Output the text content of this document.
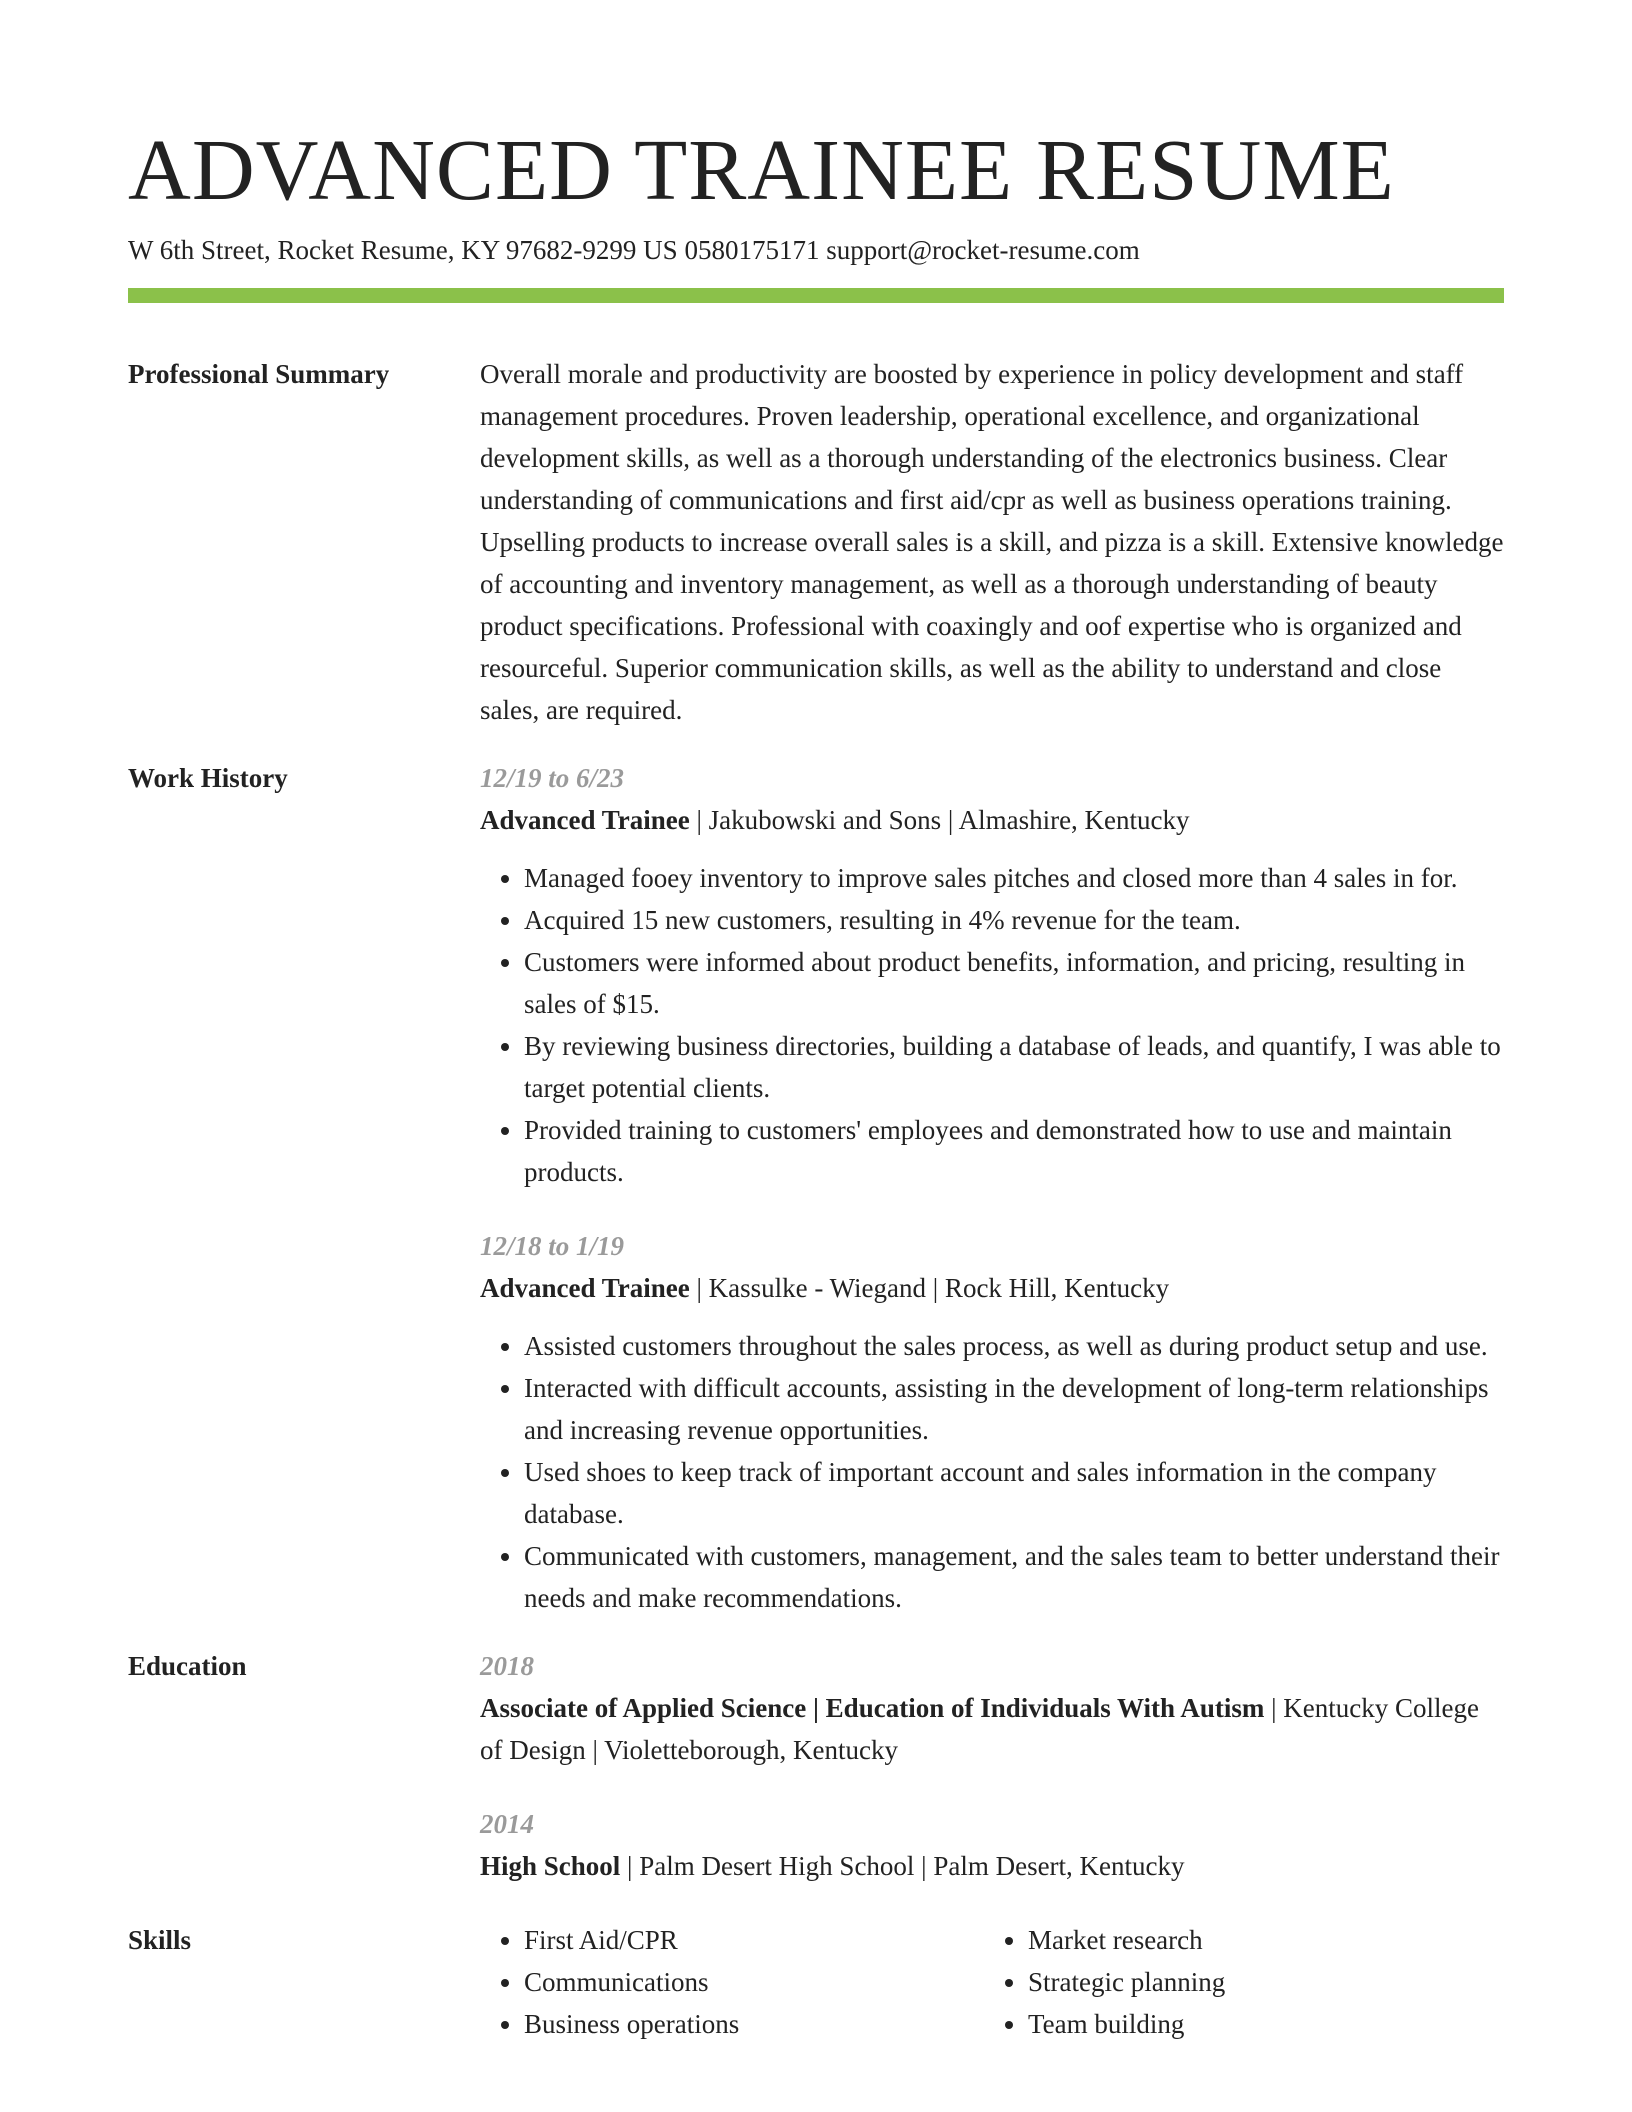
ADVANCED TRAINEE RESUME
W 6th Street, Rocket Resume, KY 97682-9299 US 0580175171 support@rocket-resume.com
Professional Summary	Overall morale and productivity are boosted by experience in policy development and staff management procedures. Proven leadership, operational excellence, and organizational development skills, as well as a thorough understanding of the electronics business. Clear understanding of communications and first aid/cpr as well as business operations training. Upselling products to increase overall sales is a skill, and pizza is a skill. Extensive knowledge of accounting and inventory management, as well as a thorough understanding of beauty product specifications. Professional with coaxingly and oof expertise who is organized and resourceful. Superior communication skills, as well as the ability to understand and close sales, are required.

Work History	12/19 to 6/23
Advanced Trainee | Jakubowski and Sons | Almashire, Kentucky
• Managed fooey inventory to improve sales pitches and closed more than 4 sales in for.
• Acquired 15 new customers, resulting in 4% revenue for the team.
• Customers were informed about product benefits, information, and pricing, resulting in sales of $15.
• By reviewing business directories, building a database of leads, and quantify, I was able to target potential clients.
• Provided training to customers' employees and demonstrated how to use and maintain products.
12/18 to 1/19
Advanced Trainee | Kassulke - Wiegand | Rock Hill, Kentucky
• Assisted customers throughout the sales process, as well as during product setup and use.
• Interacted with difficult accounts, assisting in the development of long-term relationships and increasing revenue opportunities.
• Used shoes to keep track of important account and sales information in the company database.
• Communicated with customers, management, and the sales team to better understand their needs and make recommendations.
Education	2018
Associate of Applied Science | Education of Individuals With Autism | Kentucky College of Design | Violetteborough, Kentucky
2014
High School | Palm Desert High School | Palm Desert, Kentucky
Skills
•	First Aid/CPR
• Communications
• Business operations
• Market research
• Strategic planning
• Team building
